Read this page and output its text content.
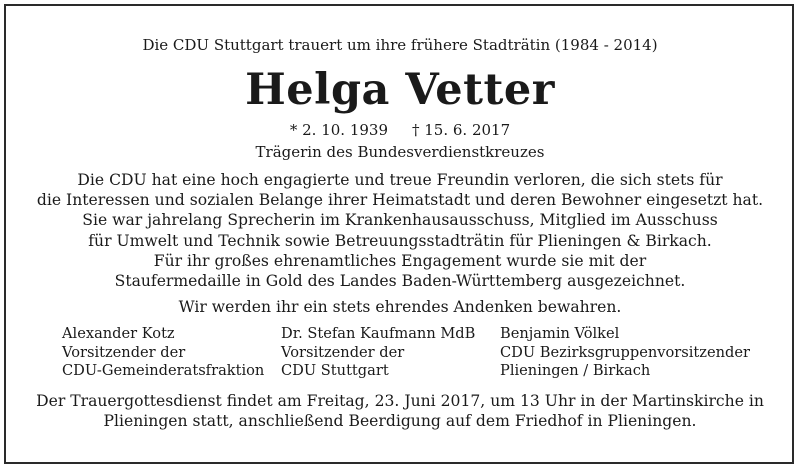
Die CDU Stuttgart trauert um ihre frühere Stadträtin (1984 - 2014)
Helga Vetter
* 2. 10. 1939 † 15. 6. 2017
Trägerin des Bundesverdienstkreuzes
Die CDU hat eine hoch engagierte und treue Freundin verloren, die sich stets für
die Interessen und sozialen Belange ihrer Heimatstadt und deren Bewohner eingesetzt hat.
Sie war jahrelang Sprecherin im Krankenhausausschuss, Mitglied im Ausschuss
für Umwelt und Technik sowie Betreuungsstadträtin für Plieningen & Birkach.
Für ihr großes ehrenamtliches Engagement wurde sie mit der
Staufermedaille in Gold des Landes Baden-Württemberg ausgezeichnet.
Wir werden ihr ein stets ehrendes Andenken bewahren.
Alexander Kotz
Vorsitzender der
CDU-Gemeinderatsfraktion
Dr. Stefan Kaufmann MdB
Vorsitzender der
CDU Stuttgart
Benjamin Völkel
CDU Bezirksgruppenvorsitzender
Plieningen / Birkach
Der Trauergottesdienst findet am Freitag, 23. Juni 2017, um 13 Uhr in der Martinskirche in
Plieningen statt, anschließend Beerdigung auf dem Friedhof in Plieningen.
